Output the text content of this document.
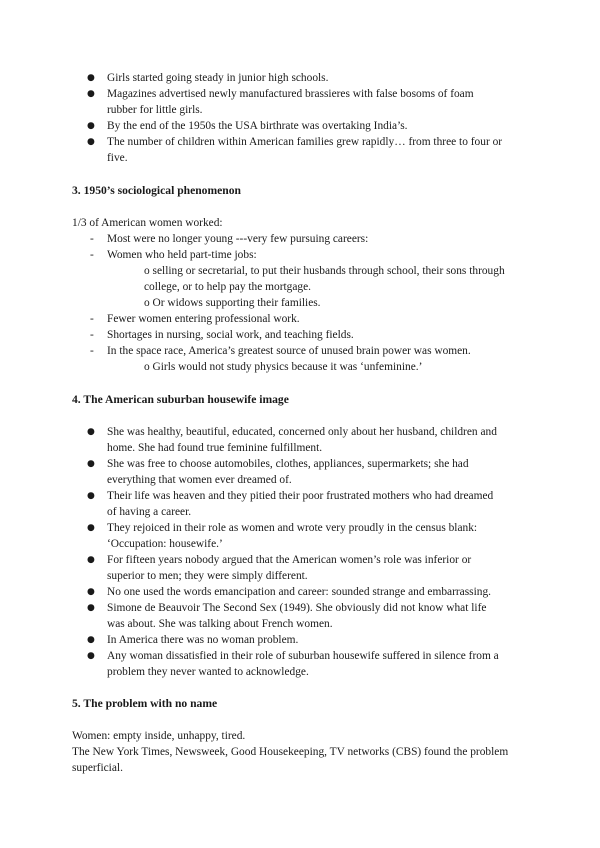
● Girls started going steady in junior high schools.
● Magazines advertised newly manufactured brassieres with false bosoms of foam rubber for little girls.
● By the end of the 1950s the USA birthrate was overtaking India’s.
● The number of children within American families grew rapidly… from three to four or five.

3. 1950’s sociological phenomenon

1/3 of American women worked:

- Most were no longer young ---very few pursuing careers:
- Women who held part-time jobs:

o selling or secretarial, to put their husbands through school, their sons through college, or to help pay the mortgage.

o Or widows supporting their families.

- Fewer women entering professional work.
- Shortages in nursing, social work, and teaching fields.
- In the space race, America’s greatest source of unused brain power was women.

o Girls would not study physics because it was ‘unfeminine.’

4. The American suburban housewife image

● She was healthy, beautiful, educated, concerned only about her husband, children and home. She had found true feminine fulfillment.
● She was free to choose automobiles, clothes, appliances, supermarkets; she had everything that women ever dreamed of.
● Their life was heaven and they pitied their poor frustrated mothers who had dreamed of having a career.
● They rejoiced in their role as women and wrote very proudly in the census blank: ‘Occupation: housewife.’
● For fifteen years nobody argued that the American women’s role was inferior or superior to men; they were simply different.
● No one used the words emancipation and career: sounded strange and embarrassing.
● Simone de Beauvoir The Second Sex (1949). She obviously did not know what life was about. She was talking about French women.
● In America there was no woman problem.
● Any woman dissatisfied in their role of suburban housewife suffered in silence from a problem they never wanted to acknowledge.

5. The problem with no name

Women: empty inside, unhappy, tired.

The New York Times, Newsweek, Good Housekeeping, TV networks (CBS) found the problem superficial.
